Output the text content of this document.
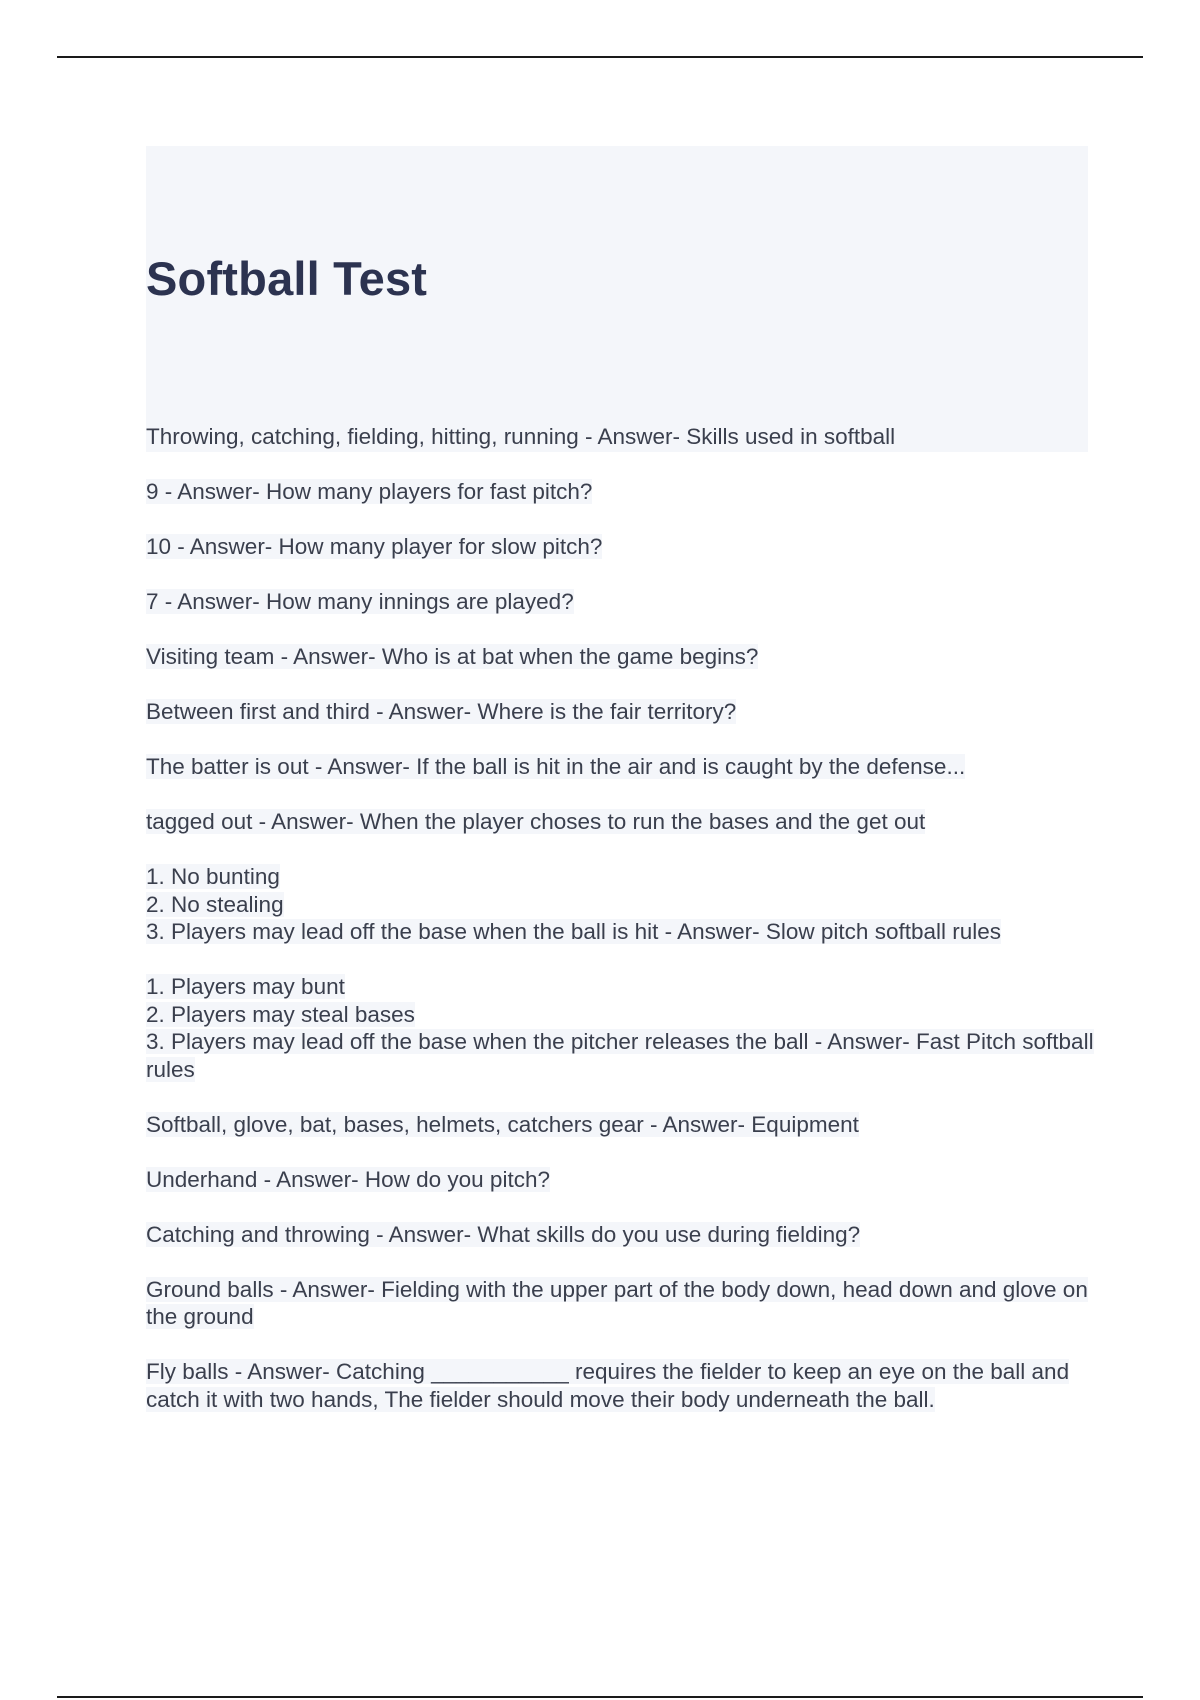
Softball Test
Throwing, catching, fielding, hitting, running - Answer- Skills used in softball
9 - Answer- How many players for fast pitch?
10 - Answer- How many player for slow pitch?
7 - Answer- How many innings are played?
Visiting team - Answer- Who is at bat when the game begins?
Between first and third - Answer- Where is the fair territory?
The batter is out - Answer- If the ball is hit in the air and is caught by the defense...
tagged out - Answer- When the player choses to run the bases and the get out
1. No bunting
2. No stealing
3. Players may lead off the base when the ball is hit - Answer- Slow pitch softball rules
1. Players may bunt
2. Players may steal bases
3. Players may lead off the base when the pitcher releases the ball - Answer- Fast Pitch softball rules
Softball, glove, bat, bases, helmets, catchers gear - Answer- Equipment
Underhand - Answer- How do you pitch?
Catching and throwing - Answer- What skills do you use during fielding?
Ground balls - Answer- Fielding with the upper part of the body down, head down and glove on the ground
Fly balls - Answer- Catching ___________ requires the fielder to keep an eye on the ball and catch it with two hands, The fielder should move their body underneath the ball.
